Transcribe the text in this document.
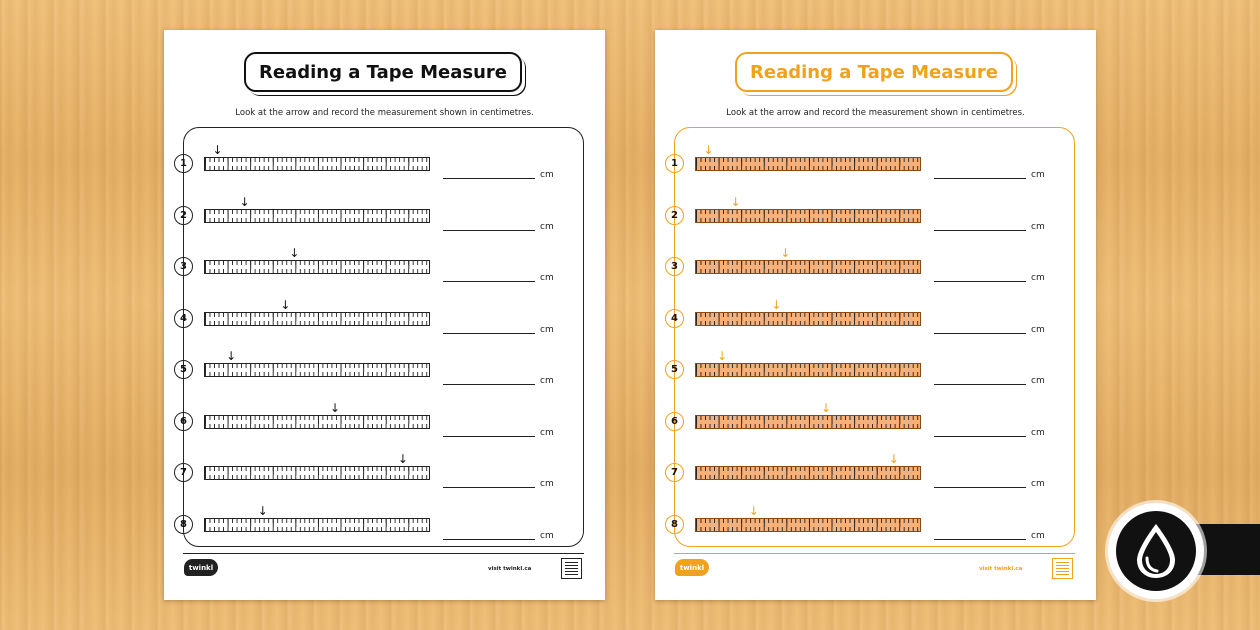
Reading a Tape Measure
Look at the arrow and record the measurement shown in centimetres.
1
↓
cm
2
↓
cm
3
↓
cm
4
↓
cm
5
↓
cm
6
↓
cm
7
↓
cm
8
↓
cm
twinkl	visit twinkl.ca
Reading a Tape Measure
Look at the arrow and record the measurement shown in centimetres.
1
↓
cm
2
↓
cm
3
↓
cm
4
↓
cm
5
↓
cm
6
↓
cm
7
↓
cm
8
↓
cm
twinkl	visit twinkl.ca
